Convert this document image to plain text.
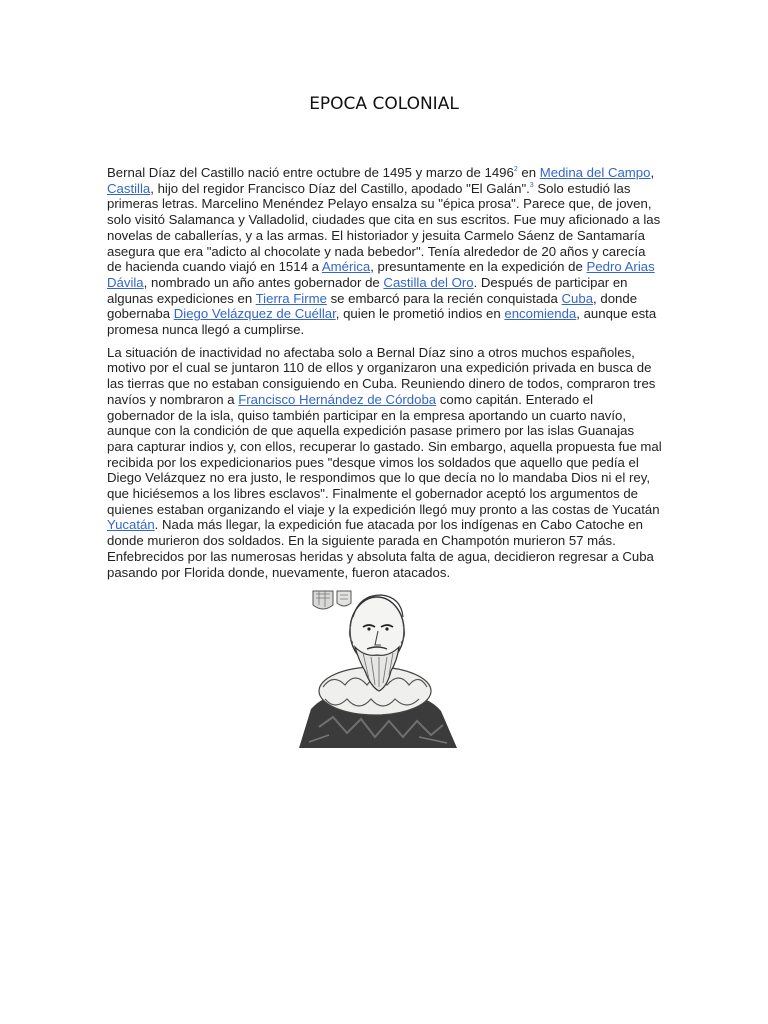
EPOCA COLONIAL

Bernal Díaz del Castillo nació entre octubre de 1495 y marzo de 1496$^2$ en Medina del Campo, Castilla, hijo del regidor Francisco Díaz del Castillo, apodado "El Galán".$^3$ Solo estudió las primeras letras. Marcelino Menéndez Pelayo ensalza su "épica prosa". Parece que, de joven, solo visitó Salamanca y Valladolid, ciudades que cita en sus escritos. Fue muy aficionado a las novelas de caballerías, y a las armas. El historiador y jesuita Carmelo Sáenz de Santamaría asegura que era "adicto al chocolate y nada bebedor". Tenía alrededor de 20 años y carecía de hacienda cuando viajó en 1514 a América, presuntamente en la expedición de Pedro Arias Dávila, nombrado un año antes gobernador de Castilla del Oro. Después de participar en algunas expediciones en Tierra Firme se embarcó para la recién conquistada Cuba, donde gobernaba Diego Velázquez de Cuéllar, quien le prometió indios en encomienda, aunque esta promesa nunca llegó a cumplirse.

La situación de inactividad no afectaba solo a Bernal Díaz sino a otros muchos españoles, motivo por el cual se juntaron 110 de ellos y organizaron una expedición privada en busca de las tierras que no estaban consiguiendo en Cuba. Reuniendo dinero de todos, compraron tres navíos y nombraron a Francisco Hernández de Córdoba como capitán. Enterado el gobernador de la isla, quiso también participar en la empresa aportando un cuarto navío, aunque con la condición de que aquella expedición pasase primero por las islas Guanajas para capturar indios y, con ellos, recuperar lo gastado. Sin embargo, aquella propuesta fue mal recibida por los expedicionarios pues "desque vimos los soldados que aquello que pedía el Diego Velázquez no era justo, le respondimos que lo que decía no lo mandaba Dios ni el rey, que hiciésemos a los libres esclavos". Finalmente el gobernador aceptó los argumentos de quienes estaban organizando el viaje y la expedición llegó muy pronto a las costas de Yucatán Yucatán. Nada más llegar, la expedición fue atacada por los indígenas en Cabo Catoche en donde murieron dos soldados. En la siguiente parada en Champotón murieron 57 más. Enfebrecidos por las numerosas heridas y absoluta falta de agua, decidieron regresar a Cuba pasando por Florida donde, nuevamente, fueron atacados.
